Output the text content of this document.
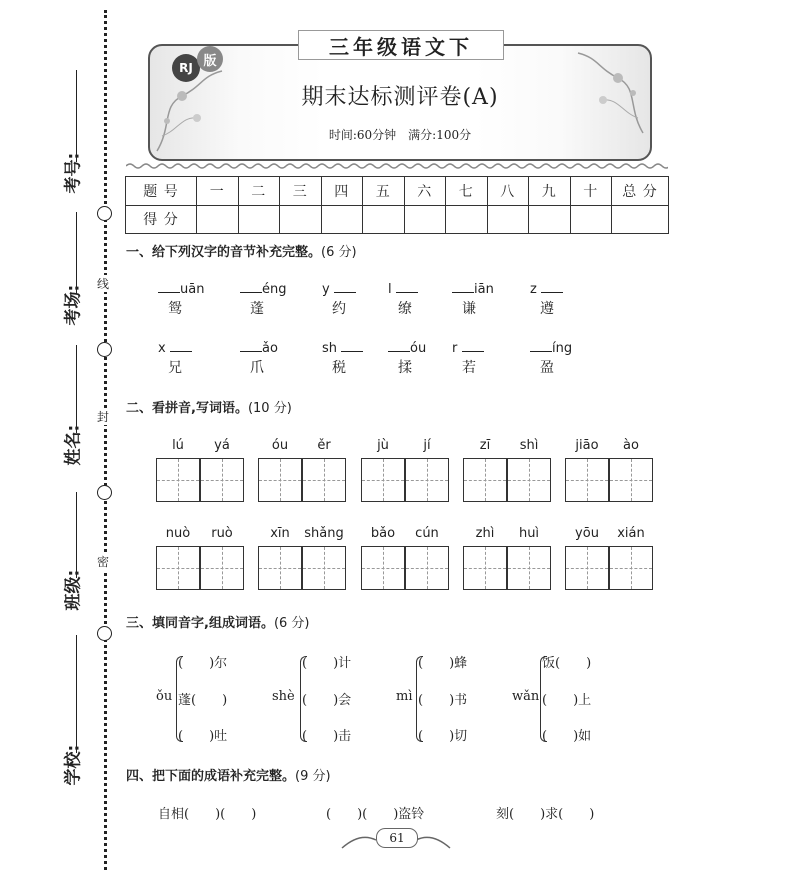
线
封
密
考号:
考场:
姓名:
班级:
学校:
三年级语文下
RJ 版
期末达标测评卷(A)
时间:60分钟　满分:100分
题 号	一	二	三	四	五	六	七	八	九	十	总 分
得 分											
一、给下列汉字的音节补充完整。(6 分)
uān
鸳
éng
蓬
y
约
l
缭
iān
谦
z
遵
x
兄
ǎo
爪
sh
税
óu
揉
r
若
íng
盈
二、看拼音,写词语。(10 分)
lú	yá	óu	ěr	jù	jí	zī	shì	jiāo	ào
nuò	ruò	xīn	shǎng	bǎo	cún	zhì	huì	yōu	xián
三、填同音字,组成词语。(6 分)
ǒu
(　　)尔
蓬(　　)
(　　)吐
shè
(　　)计
(　　)会
(　　)击
mì
(　　)蜂
(　　)书
(　　)切
wǎn
饭(　　)
(　　)上
(　　)如
四、把下面的成语补充完整。(9 分)
自相(　　)(　　)	(　　)(　　)盗铃	刻(　　)求(　　)
61
